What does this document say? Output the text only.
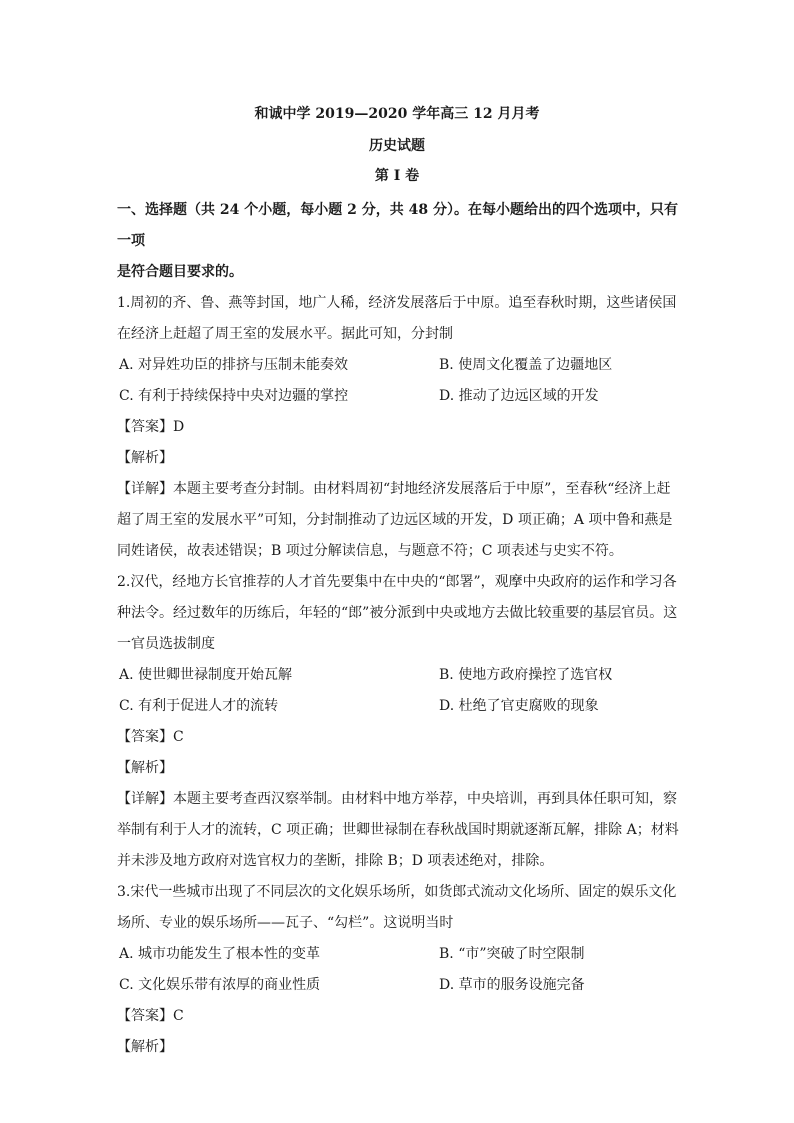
和诚中学 2019—2020 学年高三 12 月月考
历史试题
第 I 卷
一、选择题（共 24 个小题，每小题 2 分，共 48 分）。在每小题给出的四个选项中，只有一项
是符合题目要求的。
1.周初的齐、鲁、燕等封国，地广人稀，经济发展落后于中原。追至春秋时期，这些诸侯国在经济上赶超了周王室的发展水平。据此可知，分封制
A. 对异姓功臣的排挤与压制未能奏效	B. 使周文化覆盖了边疆地区
C. 有利于持续保持中央对边疆的掌控	D. 推动了边远区域的开发
【答案】D
【解析】
【详解】本题主要考查分封制。由材料周初“封地经济发展落后于中原”，至春秋“经济上赶超了周王室的发展水平”可知，分封制推动了边远区域的开发，D 项正确；A 项中鲁和燕是同姓诸侯，故表述错误；B 项过分解读信息，与题意不符；C 项表述与史实不符。
2.汉代，经地方长官推荐的人才首先要集中在中央的“郎署”，观摩中央政府的运作和学习各种法令。经过数年的历练后，年轻的“郎”被分派到中央或地方去做比较重要的基层官员。这一官员选拔制度
A. 使世卿世禄制度开始瓦解	B. 使地方政府操控了选官权
C. 有利于促进人才的流转	D. 杜绝了官吏腐败的现象
【答案】C
【解析】
【详解】本题主要考查西汉察举制。由材料中地方举荐，中央培训，再到具体任职可知，察举制有利于人才的流转，C 项正确；世卿世禄制在春秋战国时期就逐渐瓦解，排除 A；材料并未涉及地方政府对选官权力的垄断，排除 B；D 项表述绝对，排除。
3.宋代一些城市出现了不同层次的文化娱乐场所，如货郎式流动文化场所、固定的娱乐文化场所、专业的娱乐场所——瓦子、“勾栏”。这说明当时
A. 城市功能发生了根本性的变革	B. “市”突破了时空限制
C. 文化娱乐带有浓厚的商业性质	D. 草市的服务设施完备
【答案】C
【解析】
